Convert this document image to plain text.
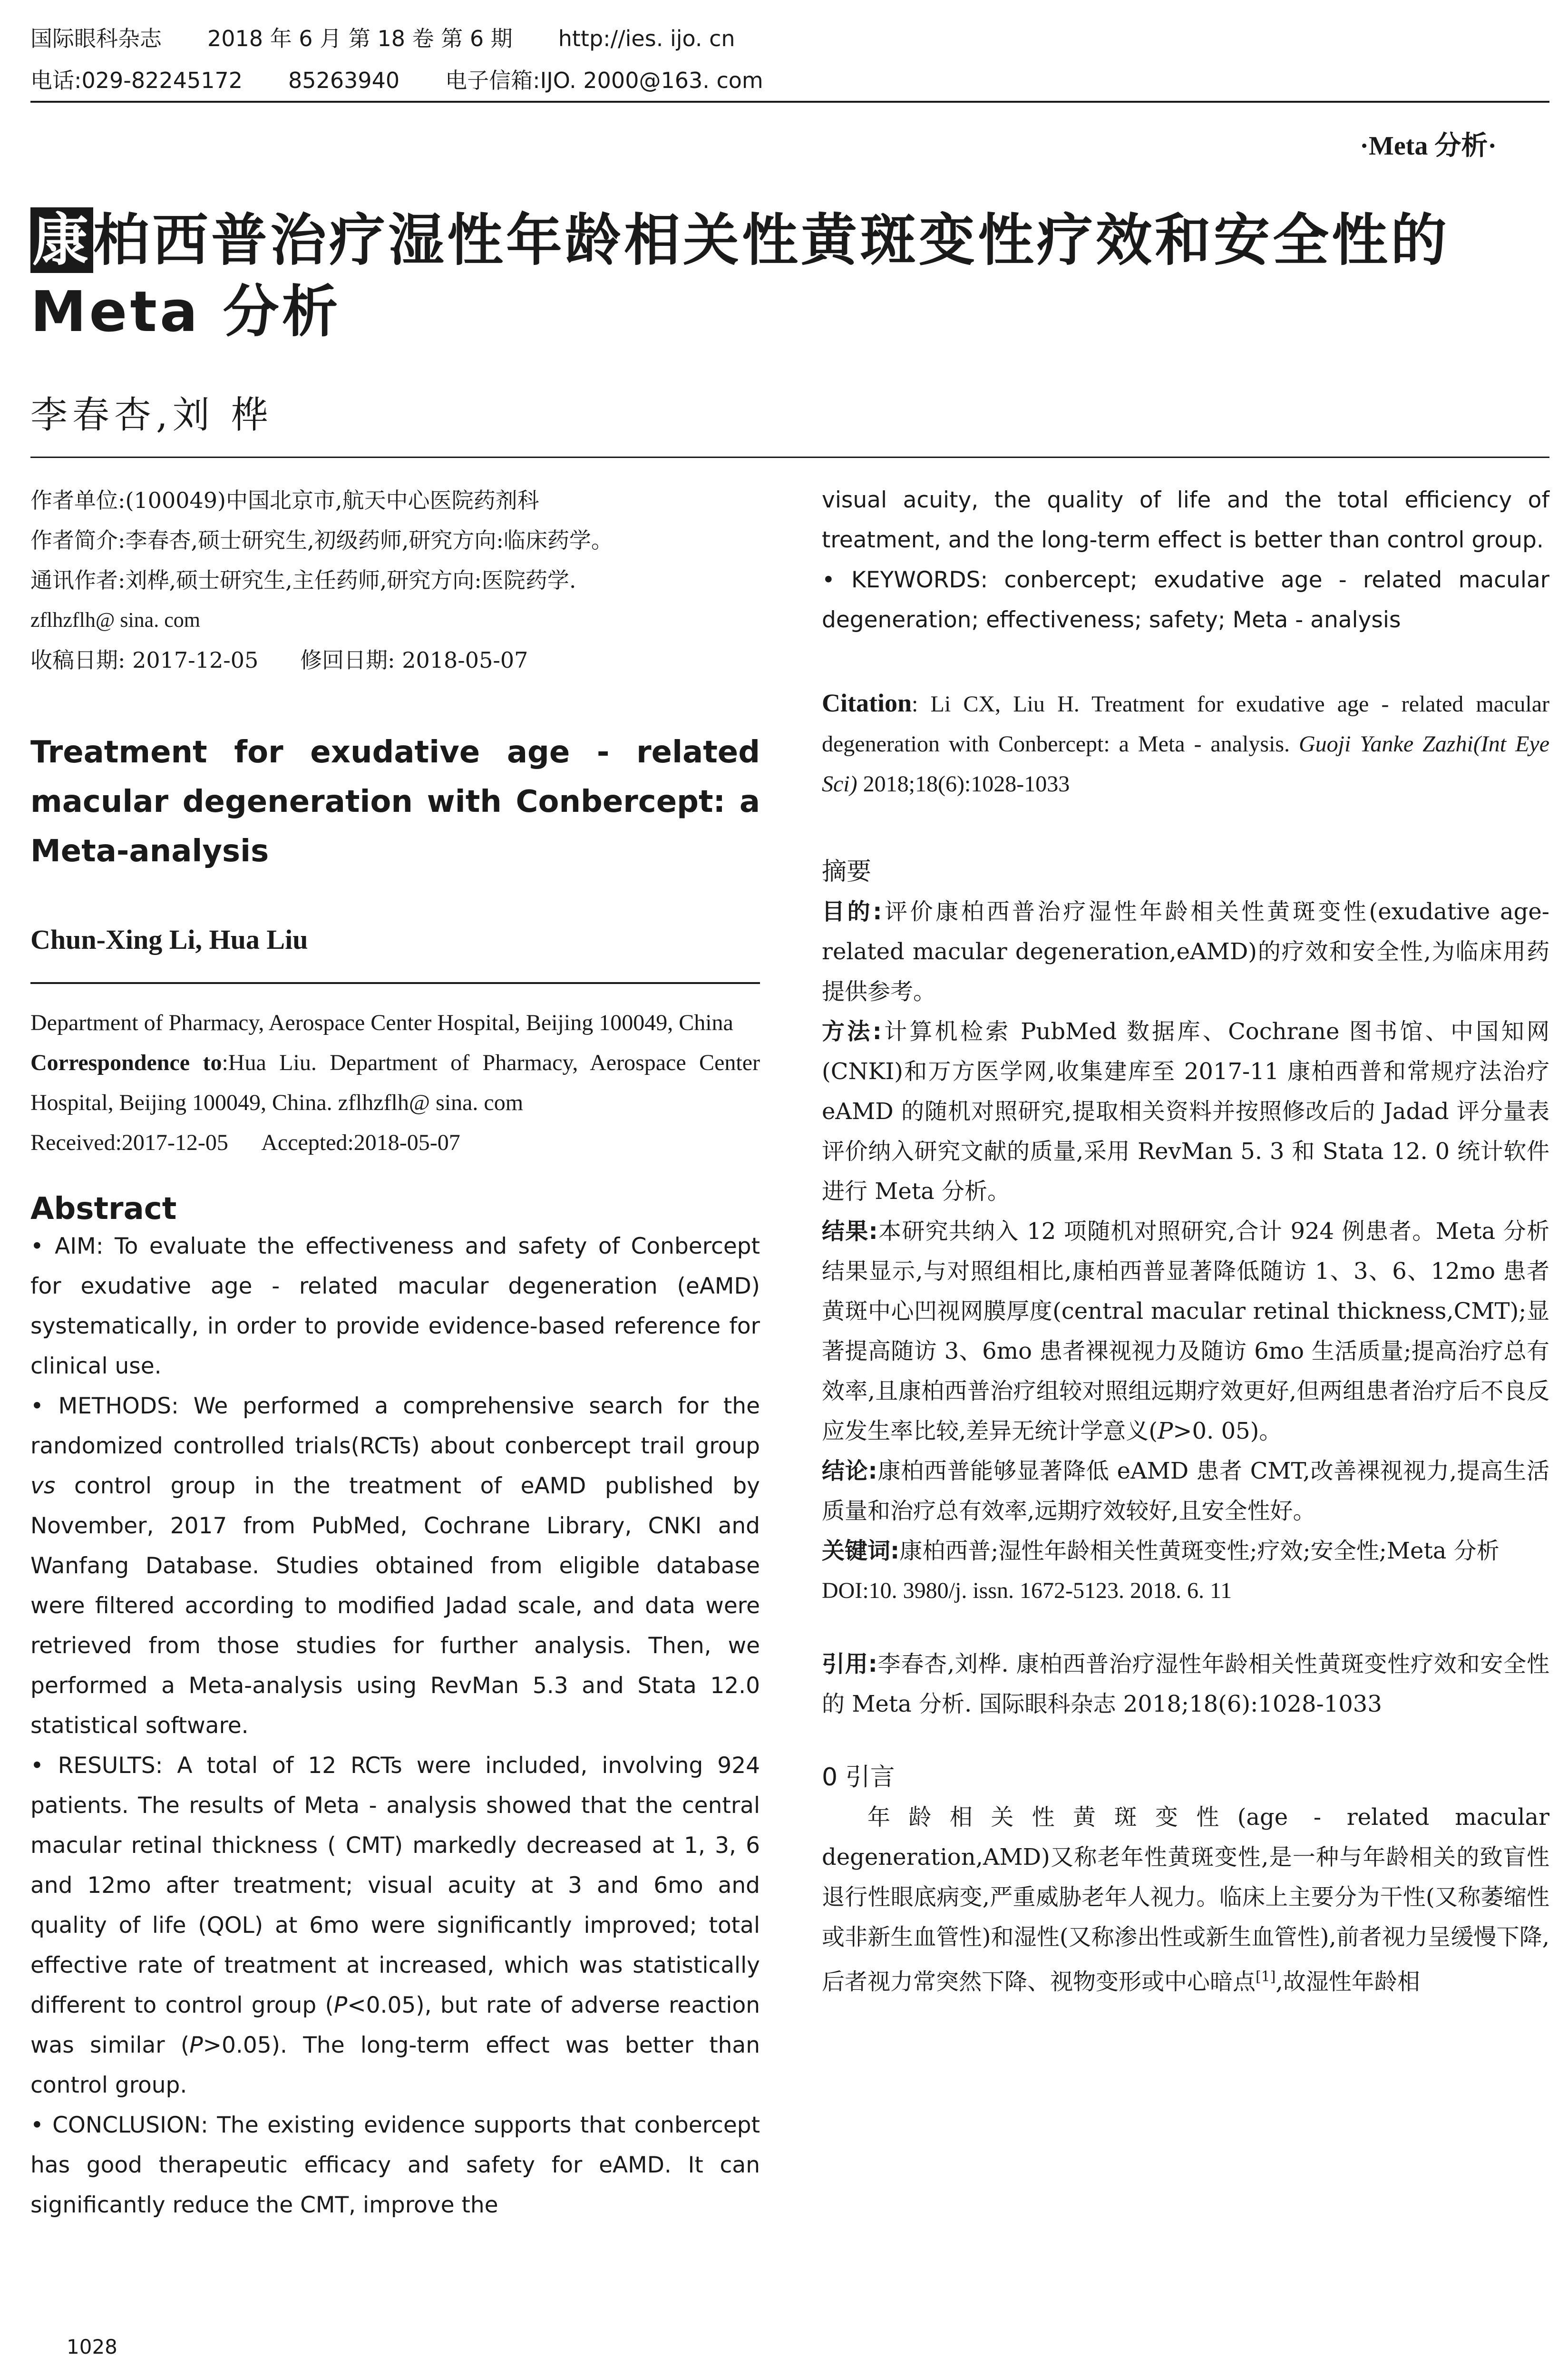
国际眼科杂志 2018 年 6 月 第 18 卷 第 6 期 http://ies. ijo. cn
电话:029-82245172 85263940 电子信箱:IJO. 2000@163. com
·Meta 分析·
康柏西普治疗湿性年龄相关性黄斑变性疗效和安全性的
Meta 分析
李春杏,刘 桦

作者单位:(100049)中国北京市,航天中心医院药剂科

作者简介:李春杏,硕士研究生,初级药师,研究方向:临床药学。

通讯作者:刘桦,硕士研究生,主任药师,研究方向:医院药学.

zflhzflh@ sina. com

收稿日期: 2017-12-05      修回日期: 2018-05-07

Treatment for exudative age - related macular degeneration with Conbercept: a Meta-analysis
Chun-Xing Li, Hua Liu

Department of Pharmacy, Aerospace Center Hospital, Beijing 100049, China

Correspondence to:Hua Liu. Department of Pharmacy, Aerospace Center Hospital, Beijing 100049, China. zflhzflh@ sina. com

Received:2017-12-05      Accepted:2018-05-07

Abstract

• AIM: To evaluate the effectiveness and safety of Conbercept for exudative age - related macular degeneration (eAMD) systematically, in order to provide evidence-based reference for clinical use.

• METHODS: We performed a comprehensive search for the randomized controlled trials(RCTs) about conbercept trail group vs control group in the treatment of eAMD published by November, 2017 from PubMed, Cochrane Library, CNKI and Wanfang Database. Studies obtained from eligible database were filtered according to modified Jadad scale, and data were retrieved from those studies for further analysis. Then, we performed a Meta-analysis using RevMan 5.3 and Stata 12.0 statistical software.

• RESULTS: A total of 12 RCTs were included, involving 924 patients. The results of Meta - analysis showed that the central macular retinal thickness ( CMT) markedly decreased at 1, 3, 6 and 12mo after treatment; visual acuity at 3 and 6mo and quality of life (QOL) at 6mo were significantly improved; total effective rate of treatment at increased, which was statistically different to control group (P<0.05), but rate of adverse reaction was similar (P>0.05). The long-term effect was better than control group.

• CONCLUSION: The existing evidence supports that conbercept has good therapeutic efficacy and safety for eAMD. It can significantly reduce the CMT, improve the

1028

visual acuity, the quality of life and the total efficiency of treatment, and the long-term effect is better than control group.

• KEYWORDS: conbercept; exudative age - related macular degeneration; effectiveness; safety; Meta - analysis

Citation: Li CX, Liu H. Treatment for exudative age - related macular degeneration with Conbercept: a Meta - analysis. Guoji Yanke Zazhi(Int Eye Sci) 2018;18(6):1028-1033

摘要

目的:评价康柏西普治疗湿性年龄相关性黄斑变性(exudative age-related macular degeneration,eAMD)的疗效和安全性,为临床用药提供参考。

方法:计算机检索 PubMed 数据库、Cochrane 图书馆、中国知网(CNKI)和万方医学网,收集建库至 2017-11 康柏西普和常规疗法治疗 eAMD 的随机对照研究,提取相关资料并按照修改后的 Jadad 评分量表评价纳入研究文献的质量,采用 RevMan 5. 3 和 Stata 12. 0 统计软件进行 Meta 分析。

结果:本研究共纳入 12 项随机对照研究,合计 924 例患者。Meta 分析结果显示,与对照组相比,康柏西普显著降低随访 1、3、6、12mo 患者黄斑中心凹视网膜厚度(central macular retinal thickness,CMT);显著提高随访 3、6mo 患者裸视视力及随访 6mo 生活质量;提高治疗总有效率,且康柏西普治疗组较对照组远期疗效更好,但两组患者治疗后不良反应发生率比较,差异无统计学意义(P>0. 05)。

结论:康柏西普能够显著降低 eAMD 患者 CMT,改善裸视视力,提高生活质量和治疗总有效率,远期疗效较好,且安全性好。

关键词:康柏西普;湿性年龄相关性黄斑变性;疗效;安全性;Meta 分析

DOI:10. 3980/j. issn. 1672-5123. 2018. 6. 11

引用:李春杏,刘桦. 康柏西普治疗湿性年龄相关性黄斑变性疗效和安全性的 Meta 分析. 国际眼科杂志 2018;18(6):1028-1033

0 引言

年龄相关性黄斑变性(age - related macular degeneration,AMD)又称老年性黄斑变性,是一种与年龄相关的致盲性退行性眼底病变,严重威胁老年人视力。临床上主要分为干性(又称萎缩性或非新生血管性)和湿性(又称渗出性或新生血管性),前者视力呈缓慢下降,后者视力常突然下降、视物变形或中心暗点[1],故湿性年龄相
